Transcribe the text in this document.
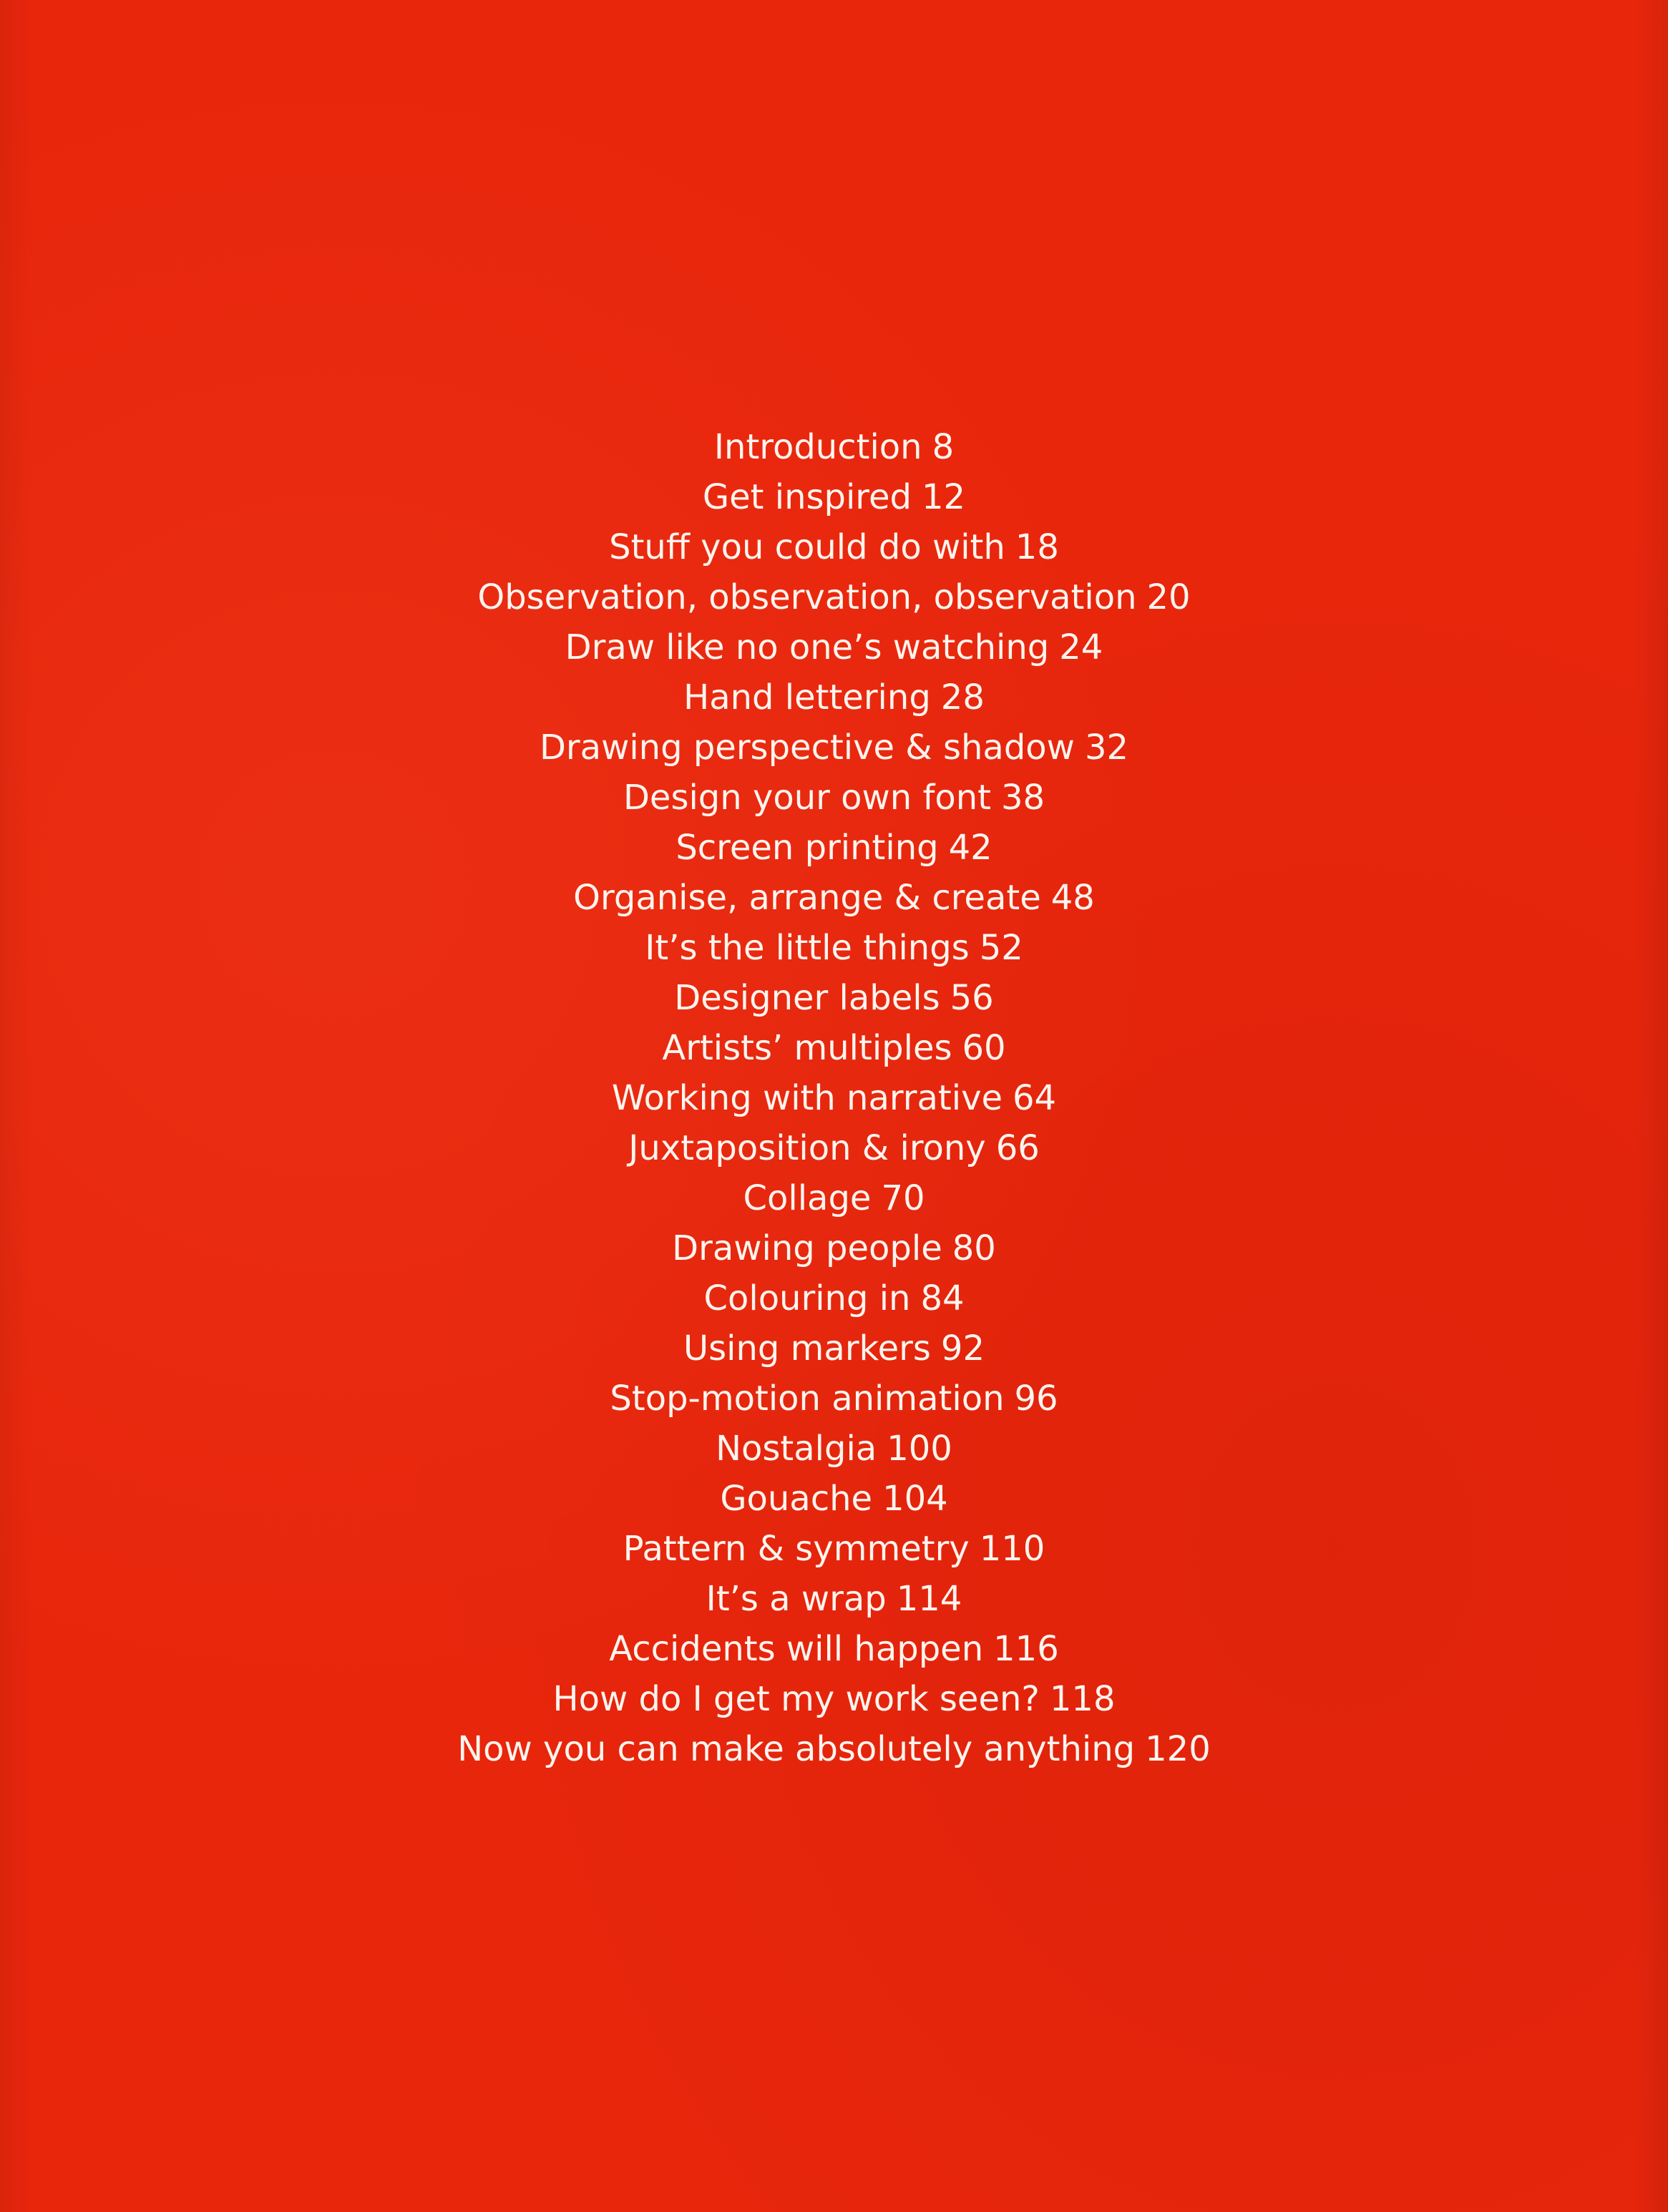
Introduction 8
Get inspired 12
Stuff you could do with 18
Observation, observation, observation 20
Draw like no one’s watching 24
Hand lettering 28
Drawing perspective & shadow 32
Design your own font 38
Screen printing 42
Organise, arrange & create 48
It’s the little things 52
Designer labels 56
Artists’ multiples 60
Working with narrative 64
Juxtaposition & irony 66
Collage 70
Drawing people 80
Colouring in 84
Using markers 92
Stop-motion animation 96
Nostalgia 100
Gouache 104
Pattern & symmetry 110
It’s a wrap 114
Accidents will happen 116
How do I get my work seen? 118
Now you can make absolutely anything 120
